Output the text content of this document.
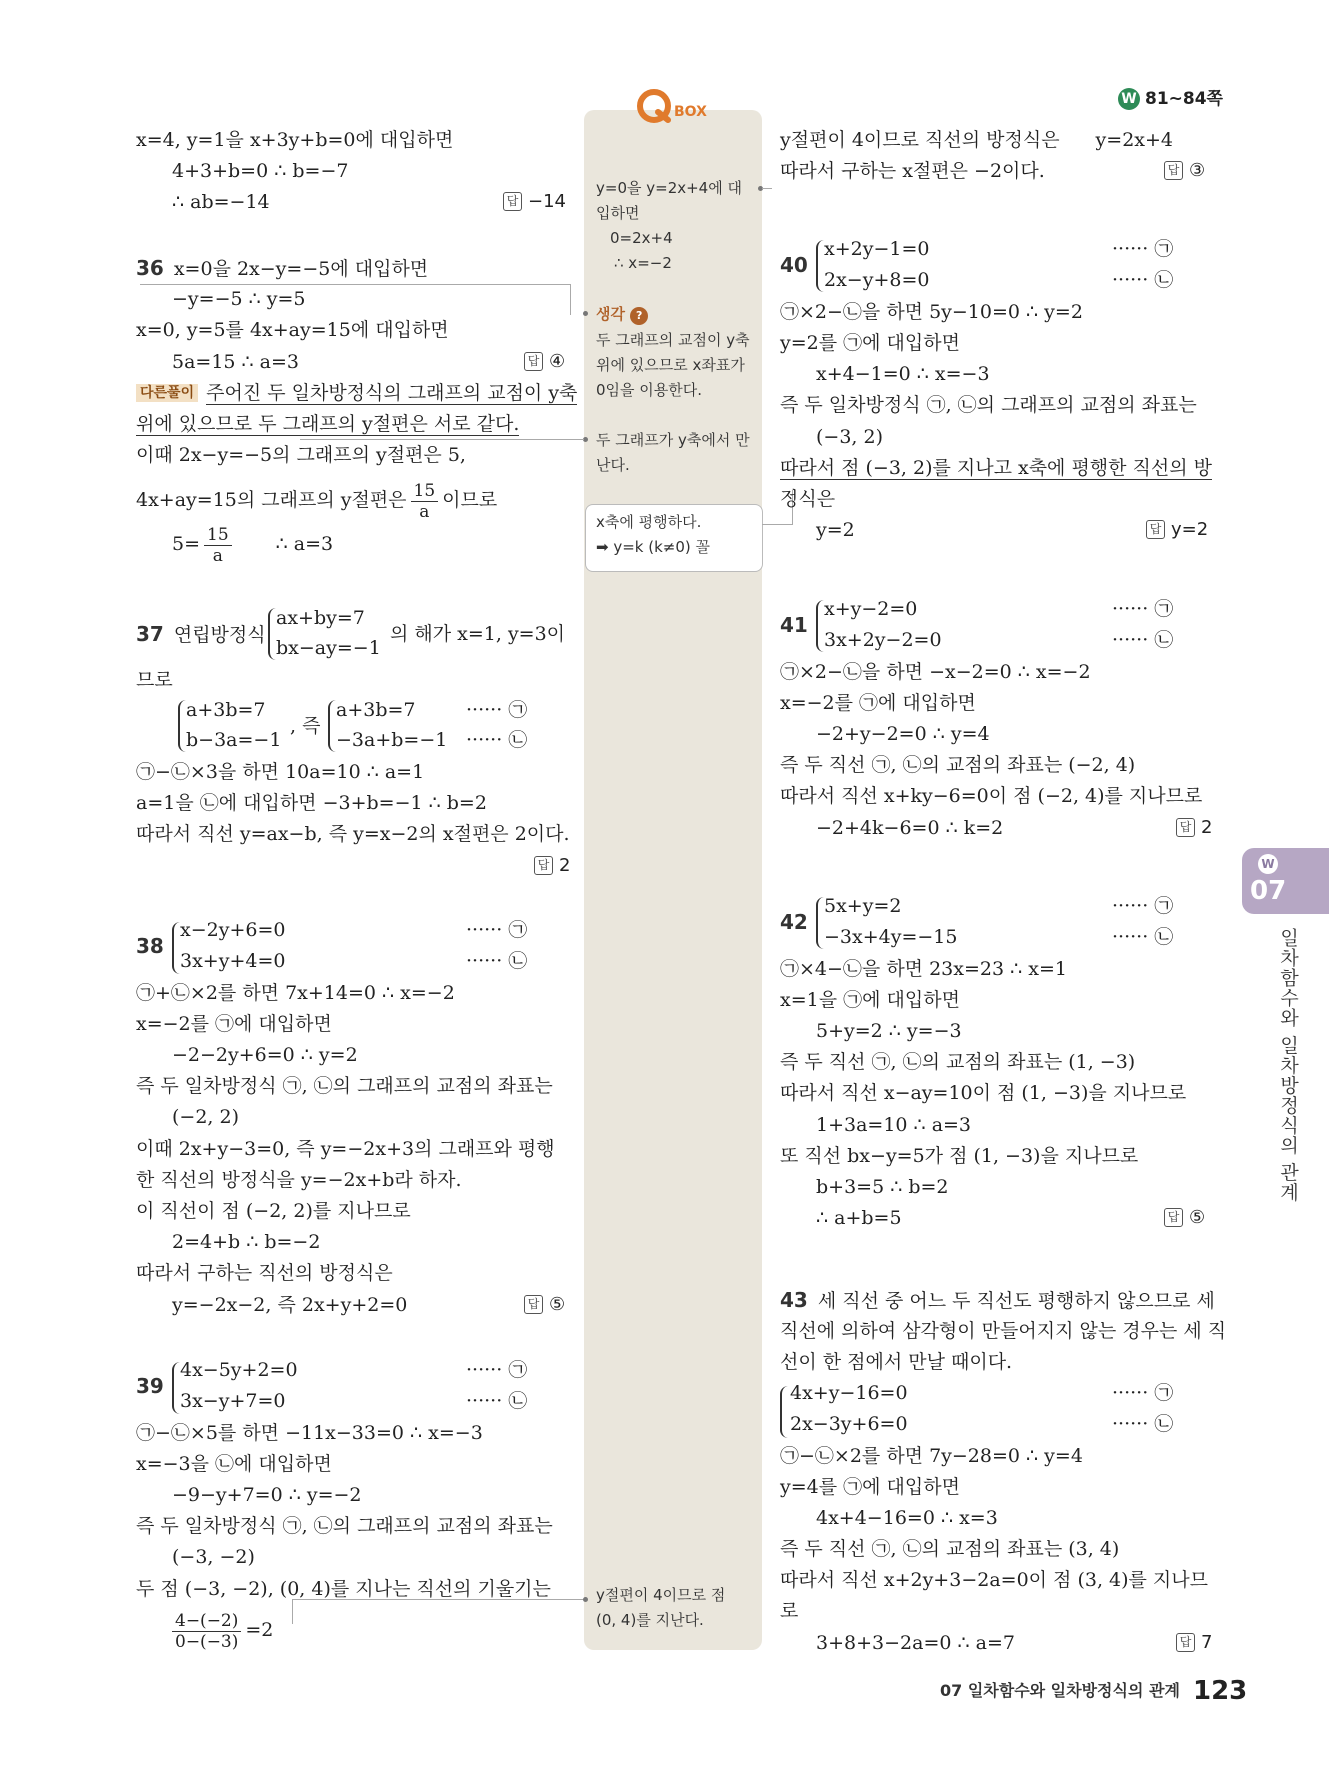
W 81~84쪽
BOX
y=0을 y=2x+4에 대
입하면
0=2x+4
∴ x=−2
생각 ?
두 그래프의 교점이 y축
위에 있으므로 x좌표가
0임을 이용한다.
두 그래프가 y축에서 만
난다.
x축에 평행하다.
➡ y=k (k≠0) 꼴
y절편이 4이므로 점
(0, 4)를 지난다.
x=4, y=1을 x+3y+b=0에 대입하면
4+3+b=0 ∴ b=−7
∴ ab=−14	답 −14
36 x=0을 2x−y=−5에 대입하면
−y=−5 ∴ y=5
x=0, y=5를 4x+ay=15에 대입하면
5a=15 ∴ a=3	답 ④
다른풀이 주어진 두 일차방정식의 그래프의 교점이 y축
위에 있으므로 두 그래프의 y절편은 서로 같다.
이때 2x−y=−5의 그래프의 y절편은 5,
4x+ay=15의 그래프의 y절편은 $\frac{15}{a}$ 이므로
$5= \frac{15}{a}$ ∴ a=3
37 연립방정식
ax+by=7
bx−ay=−1
의 해가 x=1, y=3이
므로
a+3b=7
b−3a=−1
, 즉
a+3b=7
−3a+b=−1
······ ㉠
······ ㉡
㉠−㉡×3을 하면 10a=10 ∴ a=1
a=1을 ㉡에 대입하면 −3+b=−1 ∴ b=2
따라서 직선 y=ax−b, 즉 y=x−2의 x절편은 2이다.
답 2
38
x−2y+6=0
3x+y+4=0
······ ㉠
······ ㉡
㉠+㉡×2를 하면 7x+14=0 ∴ x=−2
x=−2를 ㉠에 대입하면
−2−2y+6=0 ∴ y=2
즉 두 일차방정식 ㉠, ㉡의 그래프의 교점의 좌표는
(−2, 2)
이때 2x+y−3=0, 즉 y=−2x+3의 그래프와 평행
한 직선의 방정식을 y=−2x+b라 하자.
이 직선이 점 (−2, 2)를 지나므로
2=4+b ∴ b=−2
따라서 구하는 직선의 방정식은
y=−2x−2, 즉 2x+y+2=0	답 ⑤
39
4x−5y+2=0
3x−y+7=0
······ ㉠
······ ㉡
㉠−㉡×5를 하면 −11x−33=0 ∴ x=−3
x=−3을 ㉡에 대입하면
−9−y+7=0 ∴ y=−2
즉 두 일차방정식 ㉠, ㉡의 그래프의 교점의 좌표는
(−3, −2)
두 점 (−3, −2), (0, 4)를 지나는 직선의 기울기는
$\frac{4-(-2)}{0-(-3)} =2$
y절편이 4이므로 직선의 방정식은 y=2x+4
따라서 구하는 x절편은 −2이다.	답 ③
40
x+2y−1=0
2x−y+8=0
······ ㉠
······ ㉡
㉠×2−㉡을 하면 5y−10=0 ∴ y=2
y=2를 ㉠에 대입하면
x+4−1=0 ∴ x=−3
즉 두 일차방정식 ㉠, ㉡의 그래프의 교점의 좌표는
(−3, 2)
따라서 점 (−3, 2)를 지나고 x축에 평행한 직선의 방
정식은
y=2	답 y=2
41
x+y−2=0
3x+2y−2=0
······ ㉠
······ ㉡
㉠×2−㉡을 하면 −x−2=0 ∴ x=−2
x=−2를 ㉠에 대입하면
−2+y−2=0 ∴ y=4
즉 두 직선 ㉠, ㉡의 교점의 좌표는 (−2, 4)
따라서 직선 x+ky−6=0이 점 (−2, 4)를 지나므로
−2+4k−6=0 ∴ k=2	답 2
42
5x+y=2
−3x+4y=−15
······ ㉠
······ ㉡
㉠×4−㉡을 하면 23x=23 ∴ x=1
x=1을 ㉠에 대입하면
5+y=2 ∴ y=−3
즉 두 직선 ㉠, ㉡의 교점의 좌표는 (1, −3)
따라서 직선 x−ay=10이 점 (1, −3)을 지나므로
1+3a=10 ∴ a=3
또 직선 bx−y=5가 점 (1, −3)을 지나므로
b+3=5 ∴ b=2
∴ a+b=5	답 ⑤
43 세 직선 중 어느 두 직선도 평행하지 않으므로 세
직선에 의하여 삼각형이 만들어지지 않는 경우는 세 직
선이 한 점에서 만날 때이다.
4x+y−16=0
2x−3y+6=0
······ ㉠
······ ㉡
㉠−㉡×2를 하면 7y−28=0 ∴ y=4
y=4를 ㉠에 대입하면
4x+4−16=0 ∴ x=3
즉 두 직선 ㉠, ㉡의 교점의 좌표는 (3, 4)
따라서 직선 x+2y+3−2a=0이 점 (3, 4)를 지나므
로
3+8+3−2a=0 ∴ a=7	답 7
W
07
일차함수와 일차방정식의 관계
07 일차함수와 일차방정식의 관계 123
